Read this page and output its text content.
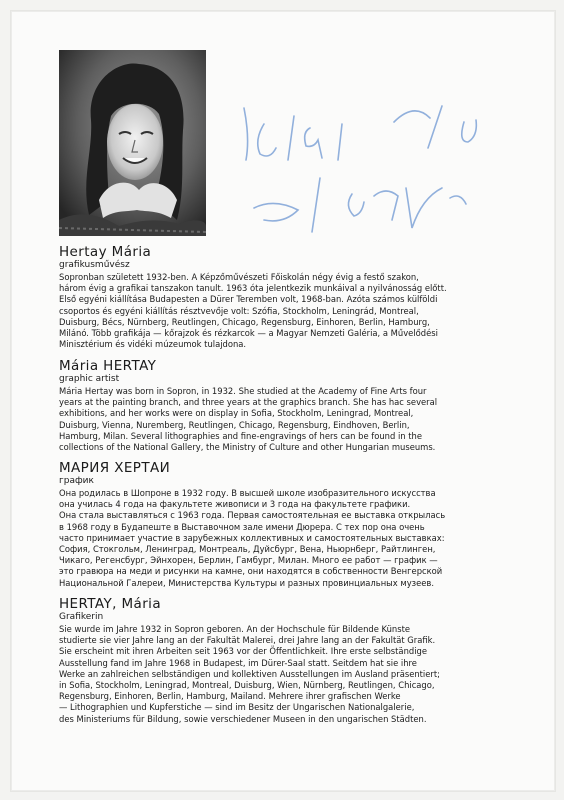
Hertay Mária

grafikusművész

Sopronban született 1932-ben. A Képzőművészeti Főiskolán négy évig a festő szakon,
három évig a grafikai tanszakon tanult. 1963 óta jelentkezik munkáival a nyilvánosság előtt.
Első egyéni kiállítása Budapesten a Dürer Teremben volt, 1968-ban. Azóta számos külföldi
csoportos és egyéni kiállítás résztvevője volt: Szófia, Stockholm, Leningrád, Montreal,
Duisburg, Bécs, Nürnberg, Reutlingen, Chicago, Regensburg, Einhoren, Berlin, Hamburg,
Milánó. Több grafikája — kőrajzok és rézkarcok — a Magyar Nemzeti Galéria, a Művelődési
Minisztérium és vidéki múzeumok tulajdona.

Mária HERTAY

graphic artist

Mária Hertay was born in Sopron, in 1932. She studied at the Academy of Fine Arts four
years at the painting branch, and three years at the graphics branch. She has hac several
exhibitions, and her works were on display in Sofia, Stockholm, Leningrad, Montreal,
Duisburg, Vienna, Nuremberg, Reutlingen, Chicago, Regensburg, Eindhoven, Berlin,
Hamburg, Milan. Several lithographies and fine-engravings of hers can be found in the
collections of the National Gallery, the Ministry of Culture and other Hungarian museums.

МАРИЯ ХЕРТАИ

график

Она родилась в Шопроне в 1932 году. В высшей школе изобразительного искусства
она училась 4 года на факультете живописи и 3 года на факультете графики.
Она стала выставляться с 1963 года. Первая самостоятельная ее выставка открылась
в 1968 году в Будапеште в Выставочном зале имени Дюрера. С тех пор она очень
часто принимает участие в зарубежных коллективных и самостоятельных выставках:
София, Стокгольм, Ленинград, Монтреаль, Дуйсбург, Вена, Ньюрнберг, Райтлинген,
Чикаго, Регенсбург, Эйнхорен, Берлин, Гамбург, Милан. Много ее работ — график —
это гравюра на меди и рисунки на камне, они находятся в собственности Венгерской
Национальной Галереи, Министерства Культуры и разных провинциальных музеев.

HERTAY, Mária

Grafikerin

Sie wurde im Jahre 1932 in Sopron geboren. An der Hochschule für Bildende Künste
studierte sie vier Jahre lang an der Fakultät Malerei, drei Jahre lang an der Fakultät Grafik.
Sie erscheint mit ihren Arbeiten seit 1963 vor der Öffentlichkeit. Ihre erste selbständige
Ausstellung fand im Jahre 1968 in Budapest, im Dürer-Saal statt. Seitdem hat sie ihre
Werke an zahlreichen selbständigen und kollektiven Ausstellungen im Ausland präsentiert;
in Sofia, Stockholm, Leningrad, Montreal, Duisburg, Wien, Nürnberg, Reutlingen, Chicago,
Regensburg, Einhoren, Berlin, Hamburg, Mailand. Mehrere ihrer grafischen Werke
— Lithographien und Kupferstiche — sind im Besitz der Ungarischen Nationalgalerie,
des Ministeriums für Bildung, sowie verschiedener Museen in den ungarischen Städten.
